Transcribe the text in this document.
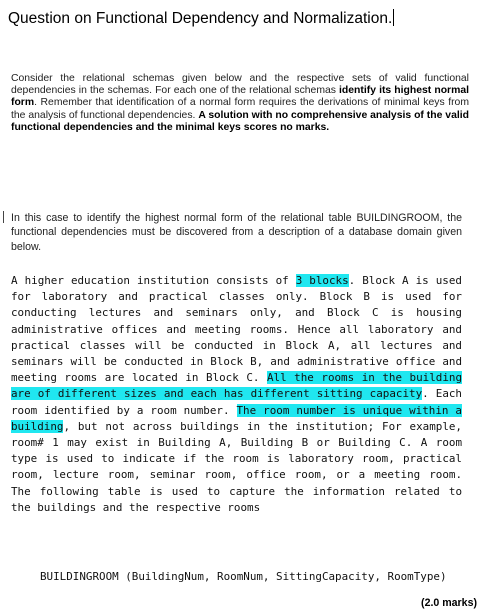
Question on Functional Dependency and Normalization.
Consider the relational schemas given below and the respective sets of valid functional dependencies in the schemas. For each one of the relational schemas identify its highest normal form. Remember that identification of a normal form requires the derivations of minimal keys from the analysis of functional dependencies. A solution with no comprehensive analysis of the valid functional dependencies and the minimal keys scores no marks.
In this case to identify the highest normal form of the relational table BUILDINGROOM, the functional dependencies must be discovered from a description of a database domain given below.
A higher education institution consists of 3 blocks. Block A is used for laboratory and practical classes only. Block B is used for conducting lectures and seminars only, and Block C is housing administrative offices and meeting rooms. Hence all laboratory and practical classes will be conducted in Block A, all lectures and seminars will be conducted in Block B, and administrative office and meeting rooms are located in Block C. All the rooms in the building are of different sizes and each has different sitting capacity. Each room identified by a room number. The room number is unique within a building, but not across buildings in the institution; For example, room# 1 may exist in Building A, Building B or Building C. A room type is used to indicate if the room is laboratory room, practical room, lecture room, seminar room, office room, or a meeting room. The following table is used to capture the information related to the buildings and the respective rooms
BUILDINGROOM (BuildingNum, RoomNum, SittingCapacity, RoomType)
(2.0 marks)
